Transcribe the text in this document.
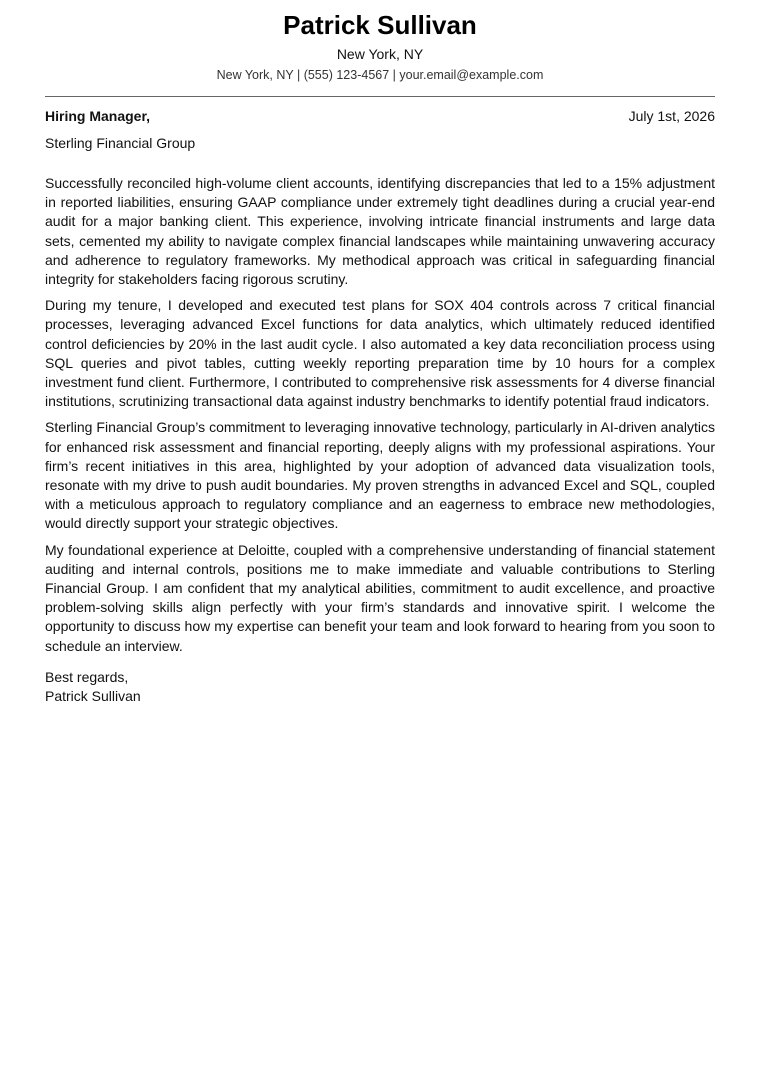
Patrick Sullivan
New York, NY
New York, NY | (555) 123-4567 | your.email@example.com
Hiring Manager,	July 1st, 2026
Sterling Financial Group

Successfully reconciled high-volume client accounts, identifying discrepancies that led to a 15% adjustment in reported liabilities, ensuring GAAP compliance under extremely tight deadlines during a crucial year-end audit for a major banking client. This experience, involving intricate financial instruments and large data sets, cemented my ability to navigate complex financial landscapes while maintaining unwavering accuracy and adherence to regulatory frameworks. My methodical approach was critical in safeguarding financial integrity for stakeholders facing rigorous scrutiny.

During my tenure, I developed and executed test plans for SOX 404 controls across 7 critical financial processes, leveraging advanced Excel functions for data analytics, which ultimately reduced identified control deficiencies by 20% in the last audit cycle. I also automated a key data reconciliation process using SQL queries and pivot tables, cutting weekly reporting preparation time by 10 hours for a complex investment fund client. Furthermore, I contributed to comprehensive risk assessments for 4 diverse financial institutions, scrutinizing transactional data against industry benchmarks to identify potential fraud indicators.

Sterling Financial Group’s commitment to leveraging innovative technology, particularly in AI-driven analytics for enhanced risk assessment and financial reporting, deeply aligns with my professional aspirations. Your firm’s recent initiatives in this area, highlighted by your adoption of advanced data visualization tools, resonate with my drive to push audit boundaries. My proven strengths in advanced Excel and SQL, coupled with a meticulous approach to regulatory compliance and an eagerness to embrace new methodologies, would directly support your strategic objectives.

My foundational experience at Deloitte, coupled with a comprehensive understanding of financial statement auditing and internal controls, positions me to make immediate and valuable contributions to Sterling Financial Group. I am confident that my analytical abilities, commitment to audit excellence, and proactive problem-solving skills align perfectly with your firm’s standards and innovative spirit. I welcome the opportunity to discuss how my expertise can benefit your team and look forward to hearing from you soon to schedule an interview.

Best regards,
Patrick Sullivan
